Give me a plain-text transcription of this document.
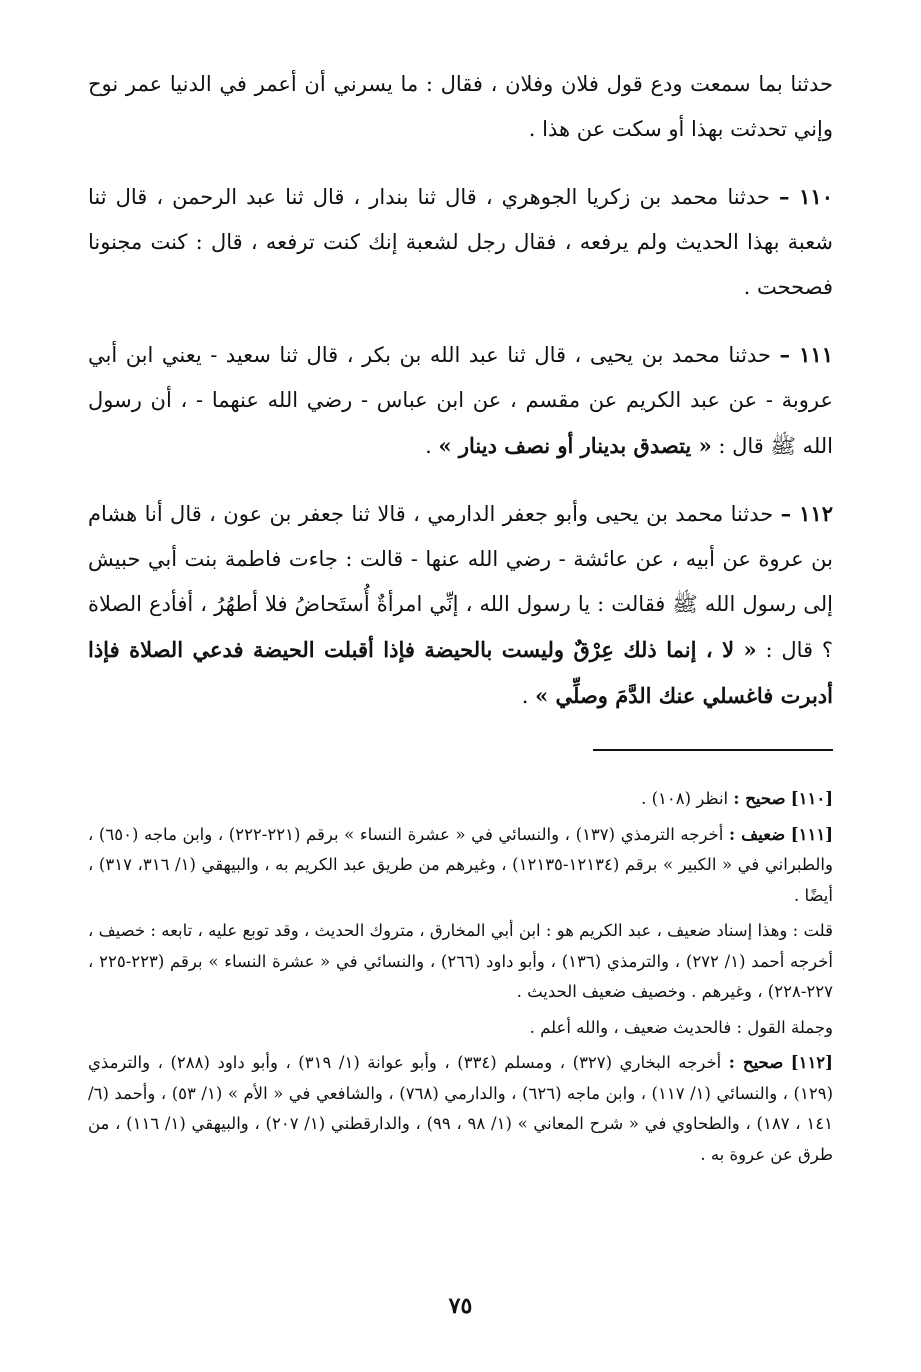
حدثنا بما سمعت ودع قول فلان وفلان ، فقال : ما يسرني أن أعمر في الدنيا عمر نوح وإني تحدثت بهذا أو سكت عن هذا .

١١٠ – حدثنا محمد بن زكريا الجوهري ، قال ثنا بندار ، قال ثنا عبد الرحمن ، قال ثنا شعبة بهذا الحديث ولم يرفعه ، فقال رجل لشعبة إنك كنت ترفعه ، قال : كنت مجنونا فصححت .

١١١ – حدثنا محمد بن يحيى ، قال ثنا عبد الله بن بكر ، قال ثنا سعيد - يعني ابن أبي عروبة - عن عبد الكريم عن مقسم ، عن ابن عباس - رضي الله عنهما - ، أن رسول الله ﷺ قال : « يتصدق بدينار أو نصف دينار » .

١١٢ – حدثنا محمد بن يحيى وأبو جعفر الدارمي ، قالا ثنا جعفر بن عون ، قال أنا هشام بن عروة عن أبيه ، عن عائشة - رضي الله عنها - قالت : جاءت فاطمة بنت أبي حبيش إلى رسول الله ﷺ فقالت : يا رسول الله ، إنِّي امرأةٌ أُستَحاضُ فلا أطهُرُ ، أفأدع الصلاة ؟ قال : « لا ، إنما ذلك عِرْقٌ وليست بالحيضة فإذا أقبلت الحيضة فدعي الصلاة فإذا أدبرت فاغسلي عنك الدَّمَ وصلِّي » .

[١١٠] صحيح : انظر (١٠٨) .

[١١١] ضعيف : أخرجه الترمذي (١٣٧) ، والنسائي في « عشرة النساء » برقم (٢٢١-٢٢٢) ، وابن ماجه (٦٥٠) ، والطبراني في « الكبير » برقم (١٢١٣٤-١٢١٣٥) ، وغيرهم من طريق عبد الكريم به ، والبيهقي (١/ ٣١٦، ٣١٧) ، أيضًا .

قلت : وهذا إسناد ضعيف ، عبد الكريم هو : ابن أبي المخارق ، متروك الحديث ، وقد توبع عليه ، تابعه : خصيف ، أخرجه أحمد (١/ ٢٧٢) ، والترمذي (١٣٦) ، وأبو داود (٢٦٦) ، والنسائي في « عشرة النساء » برقم (٢٢٣-٢٢٥ ، ٢٢٧-٢٢٨) ، وغيرهم . وخصيف ضعيف الحديث .

وجملة القول : فالحديث ضعيف ، والله أعلم .

[١١٢] صحيح : أخرجه البخاري (٣٢٧) ، ومسلم (٣٣٤) ، وأبو عوانة (١/ ٣١٩) ، وأبو داود (٢٨٨) ، والترمذي (١٢٩) ، والنسائي (١/ ١١٧) ، وابن ماجه (٦٢٦) ، والدارمي (٧٦٨) ، والشافعي في « الأم » (١/ ٥٣) ، وأحمد (٦/ ١٤١ ، ١٨٧) ، والطحاوي في « شرح المعاني » (١/ ٩٨ ، ٩٩) ، والدارقطني (١/ ٢٠٧) ، والبيهقي (١/ ١١٦) ، من طرق عن عروة به .

٧٥
